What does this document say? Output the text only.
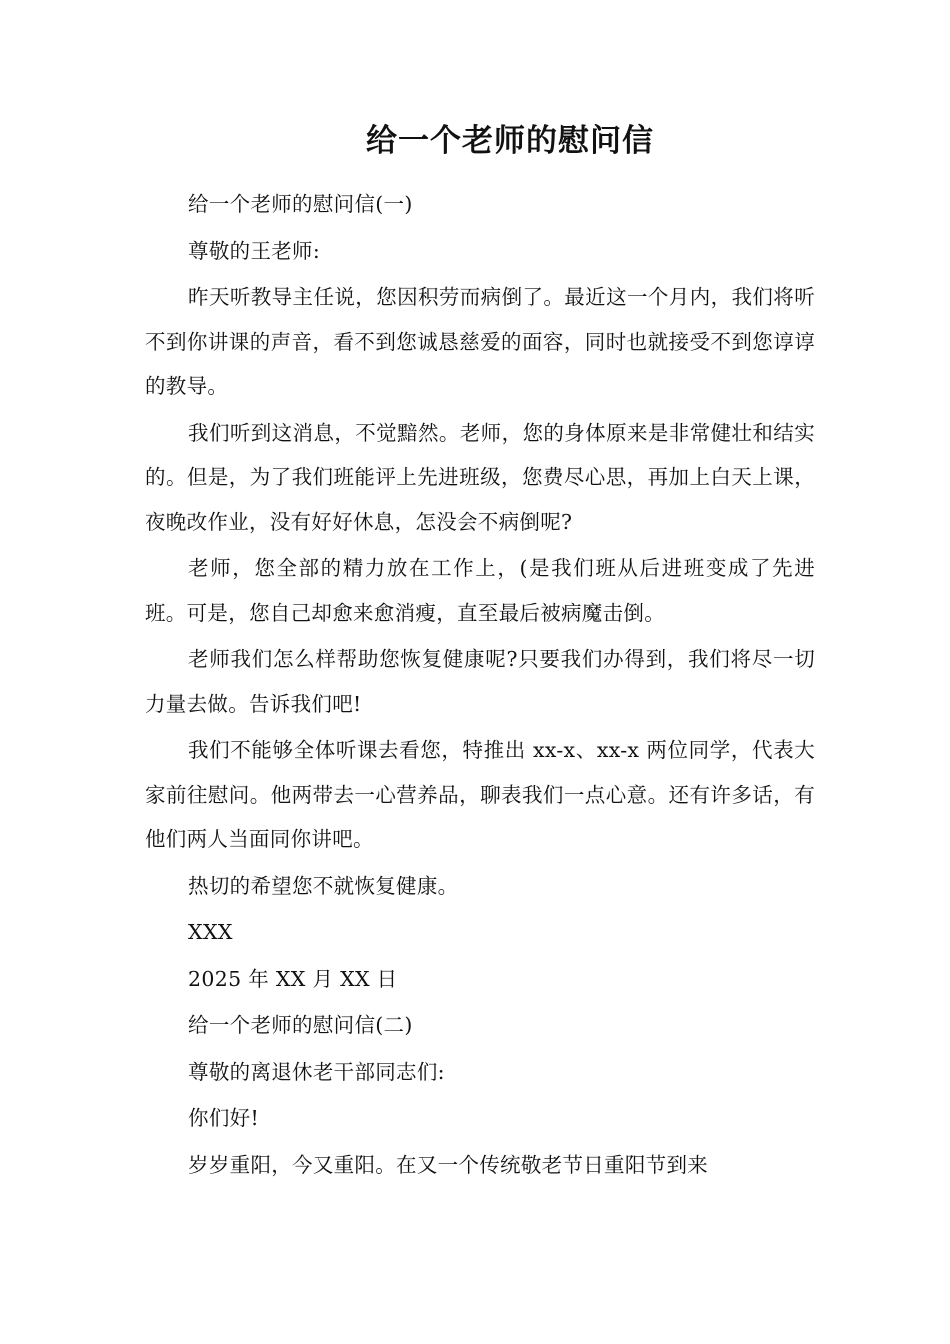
给一个老师的慰问信

给一个老师的慰问信(一)

尊敬的王老师:

昨天听教导主任说，您因积劳而病倒了。最近这一个月内，我们将听不到你讲课的声音，看不到您诚恳慈爱的面容，同时也就接受不到您谆谆的教导。

我们听到这消息，不觉黯然。老师，您的身体原来是非常健壮和结实的。但是，为了我们班能评上先进班级，您费尽心思，再加上白天上课，夜晚改作业，没有好好休息，怎没会不病倒呢?

老师，您全部的精力放在工作上，(是我们班从后进班变成了先进班。可是，您自己却愈来愈消瘦，直至最后被病魔击倒。

老师我们怎么样帮助您恢复健康呢?只要我们办得到，我们将尽一切力量去做。告诉我们吧!

我们不能够全体听课去看您，特推出 xx-x、xx-x 两位同学，代表大家前往慰问。他两带去一心营养品，聊表我们一点心意。还有许多话，有他们两人当面同你讲吧。

热切的希望您不就恢复健康。

XXX

2025 年 XX 月 XX 日

给一个老师的慰问信(二)

尊敬的离退休老干部同志们:

你们好!

岁岁重阳，今又重阳。在又一个传统敬老节日重阳节到来
